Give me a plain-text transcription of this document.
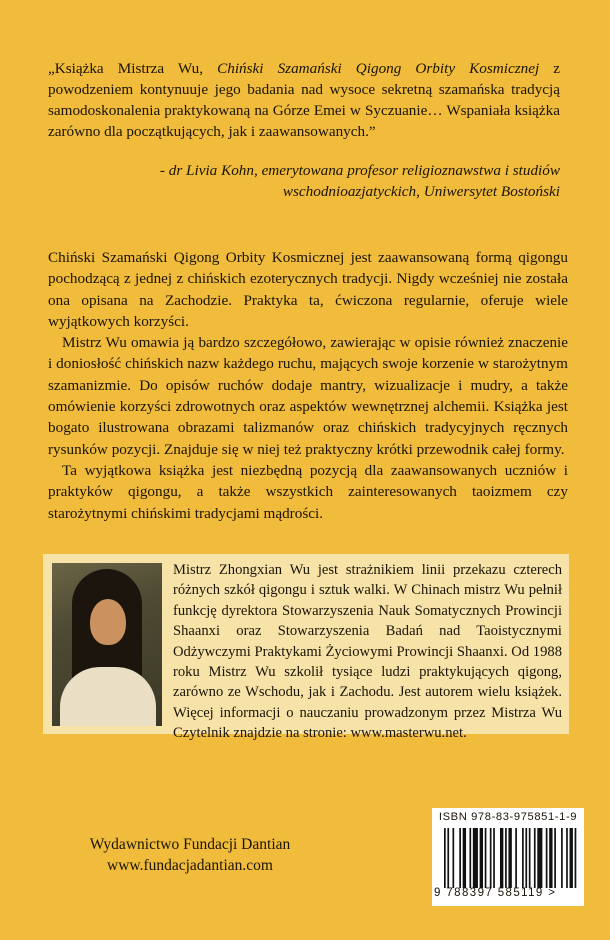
„Książka Mistrza Wu, Chiński Szamański Qigong Orbity Kosmicznej z powodzeniem kontynuuje jego badania nad wysoce sekretną szamańska tradycją samodoskonalenia praktykowaną na Górze Emei w Syczuanie… Wspaniała książka zarówno dla początkujących, jak i zaawansowanych.”

- dr Livia Kohn, emerytowana profesor religioznawstwa i studiów
wschodnioazjatyckich, Uniwersytet Bostoński

Chiński Szamański Qigong Orbity Kosmicznej jest zaawansowaną formą qigongu pochodzącą z jednej z chińskich ezoterycznych tradycji. Nigdy wcześniej nie została ona opisana na Zachodzie. Praktyka ta, ćwiczona regularnie, oferuje wiele wyjątkowych korzyści.

Mistrz Wu omawia ją bardzo szczegółowo, zawierając w opisie również znaczenie i doniosłość chińskich nazw każdego ruchu, mających swoje korzenie w starożytnym szamanizmie. Do opisów ruchów dodaje mantry, wizualizacje i mudry, a także omówienie korzyści zdrowotnych oraz aspektów wewnętrznej alchemii. Książka jest bogato ilustrowana obrazami talizmanów oraz chińskich tradycyjnych ręcznych rysunków pozycji. Znajduje się w niej też praktyczny krótki przewodnik całej formy.

Ta wyjątkowa książka jest niezbędną pozycją dla zaawansowanych uczniów i praktyków qigongu, a także wszystkich zainteresowanych taoizmem czy starożytnymi chińskimi tradycjami mądrości.

Mistrz Zhongxian Wu jest strażnikiem linii przekazu czterech różnych szkół qigongu i sztuk walki. W Chinach mistrz Wu pełnił funkcję dyrektora Stowarzyszenia Nauk Somatycznych Prowincji Shaanxi oraz Stowarzyszenia Badań nad Taoistycznymi Odżywczymi Praktykami Życiowymi Prowincji Shaanxi. Od 1988 roku Mistrz Wu szkolił tysiące ludzi praktykujących qigong, zarówno ze Wschodu, jak i Zachodu. Jest autorem wielu książek. Więcej informacji o nauczaniu prowadzonym przez Mistrza Wu Czytelnik znajdzie na stronie: www.masterwu.net.

Wydawnictwo Fundacji Dantian
www.fundacjadantian.com
ISBN 978-83-975851-1-9
9 788397 585119 >
